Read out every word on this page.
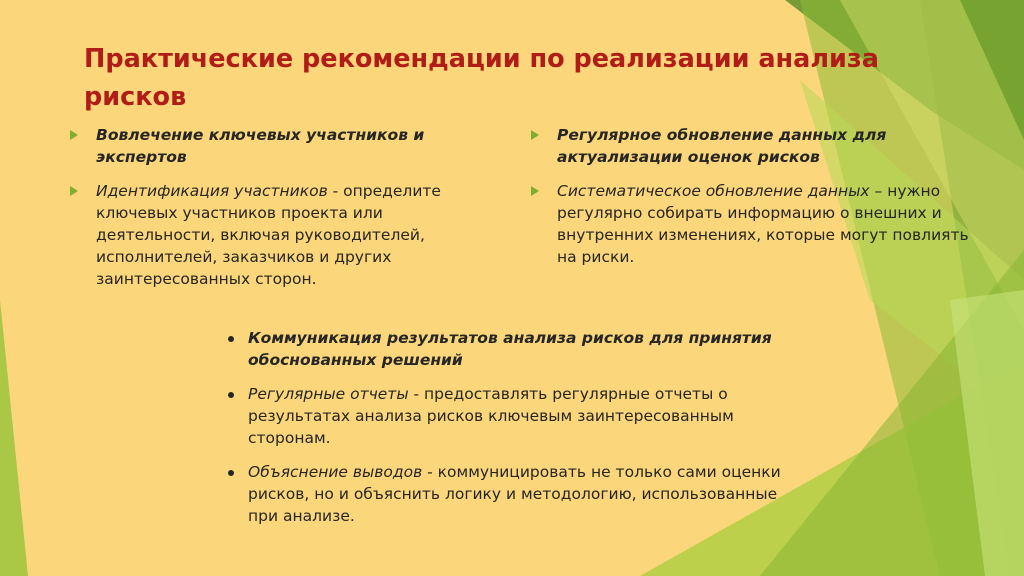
Практические рекомендации по реализации анализа рисков

Вовлечение ключевых участников и экспертов

Идентификация участников - определите ключевых участников проекта или деятельности, включая руководителей, исполнителей, заказчиков и других заинтересованных сторон.

Регулярное обновление данных для актуализации оценок рисков

Систематическое обновление данных – нужно регулярно собирать информацию о внешних и внутренних изменениях, которые могут повлиять на риски.

Коммуникация результатов анализа рисков для принятия обоснованных решений

Регулярные отчеты - предоставлять регулярные отчеты о результатах анализа рисков ключевым заинтересованным сторонам.

Объяснение выводов - коммуницировать не только сами оценки рисков, но и объяснить логику и методологию, использованные при анализе.
